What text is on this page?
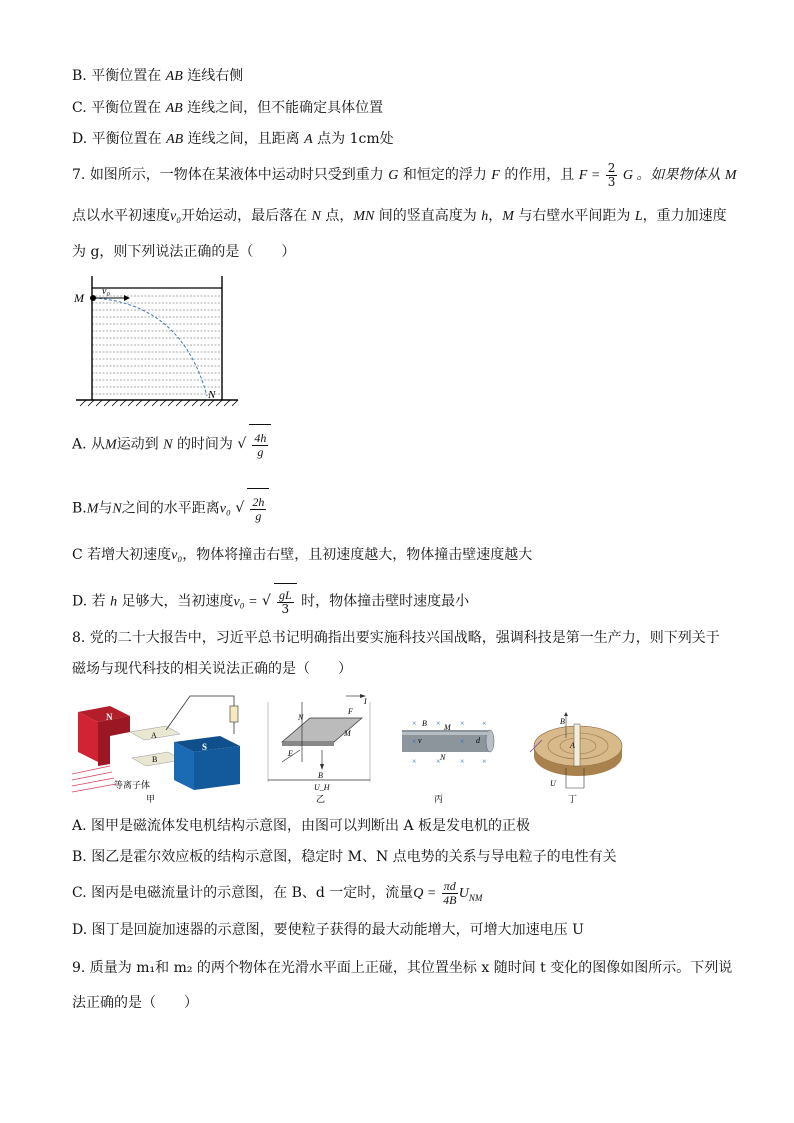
B. 平衡位置在 AB 连线右侧
C. 平衡位置在 AB 连线之间，但不能确定具体位置
D. 平衡位置在 AB 连线之间，且距离 A 点为 1cm处
7. 如图所示，一物体在某液体中运动时只受到重力 G 和恒定的浮力 F 的作用，且 $F = \frac{2}{3}$ G 。如果物体从 M
点以水平初速度v₀开始运动，最后落在 N 点，MN 间的竖直高度为 h，M 与右壁水平间距为 L，重力加速度
为 g，则下列说法正确的是（　　）
M v₀
N
A. 从M运动到 N 的时间为 √ $\frac{4h}{g}$
B.M与N之间的水平距离v₀ √ $\frac{2h}{g}$
C 若增大初速度v₀，物体将撞击右壁，且初速度越大，物体撞击壁速度越大
D. 若 h 足够大，当初速度v₀ = √ $\frac{gL}{3}$ 时，物体撞击壁时速度最小
8. 党的二十大报告中，习近平总书记明确指出要实施科技兴国战略，强调科技是第一生产力，则下列关于
磁场与现代科技的相关说法正确的是（　　）
N
A
B
S
等离子体
甲
N
F
I
M
E
B
U_H
乙
× × × ×
×	×
× × × ×
B M
N
v	d
丙
B
A
U
丁
A. 图甲是磁流体发电机结构示意图，由图可以判断出 A 板是发电机的正极
B. 图乙是霍尔效应板的结构示意图，稳定时 M、N 点电势的关系与导电粒子的电性有关
C. 图丙是电磁流量计的示意图，在 B、d 一定时，流量$Q = \frac{\pi d}{4B} U_{NM}$
D. 图丁是回旋加速器的示意图，要使粒子获得的最大动能增大，可增大加速电压 U
9. 质量为 m₁和 m₂ 的两个物体在光滑水平面上正碰，其位置坐标 x 随时间 t 变化的图像如图所示。下列说
法正确的是（　　）
